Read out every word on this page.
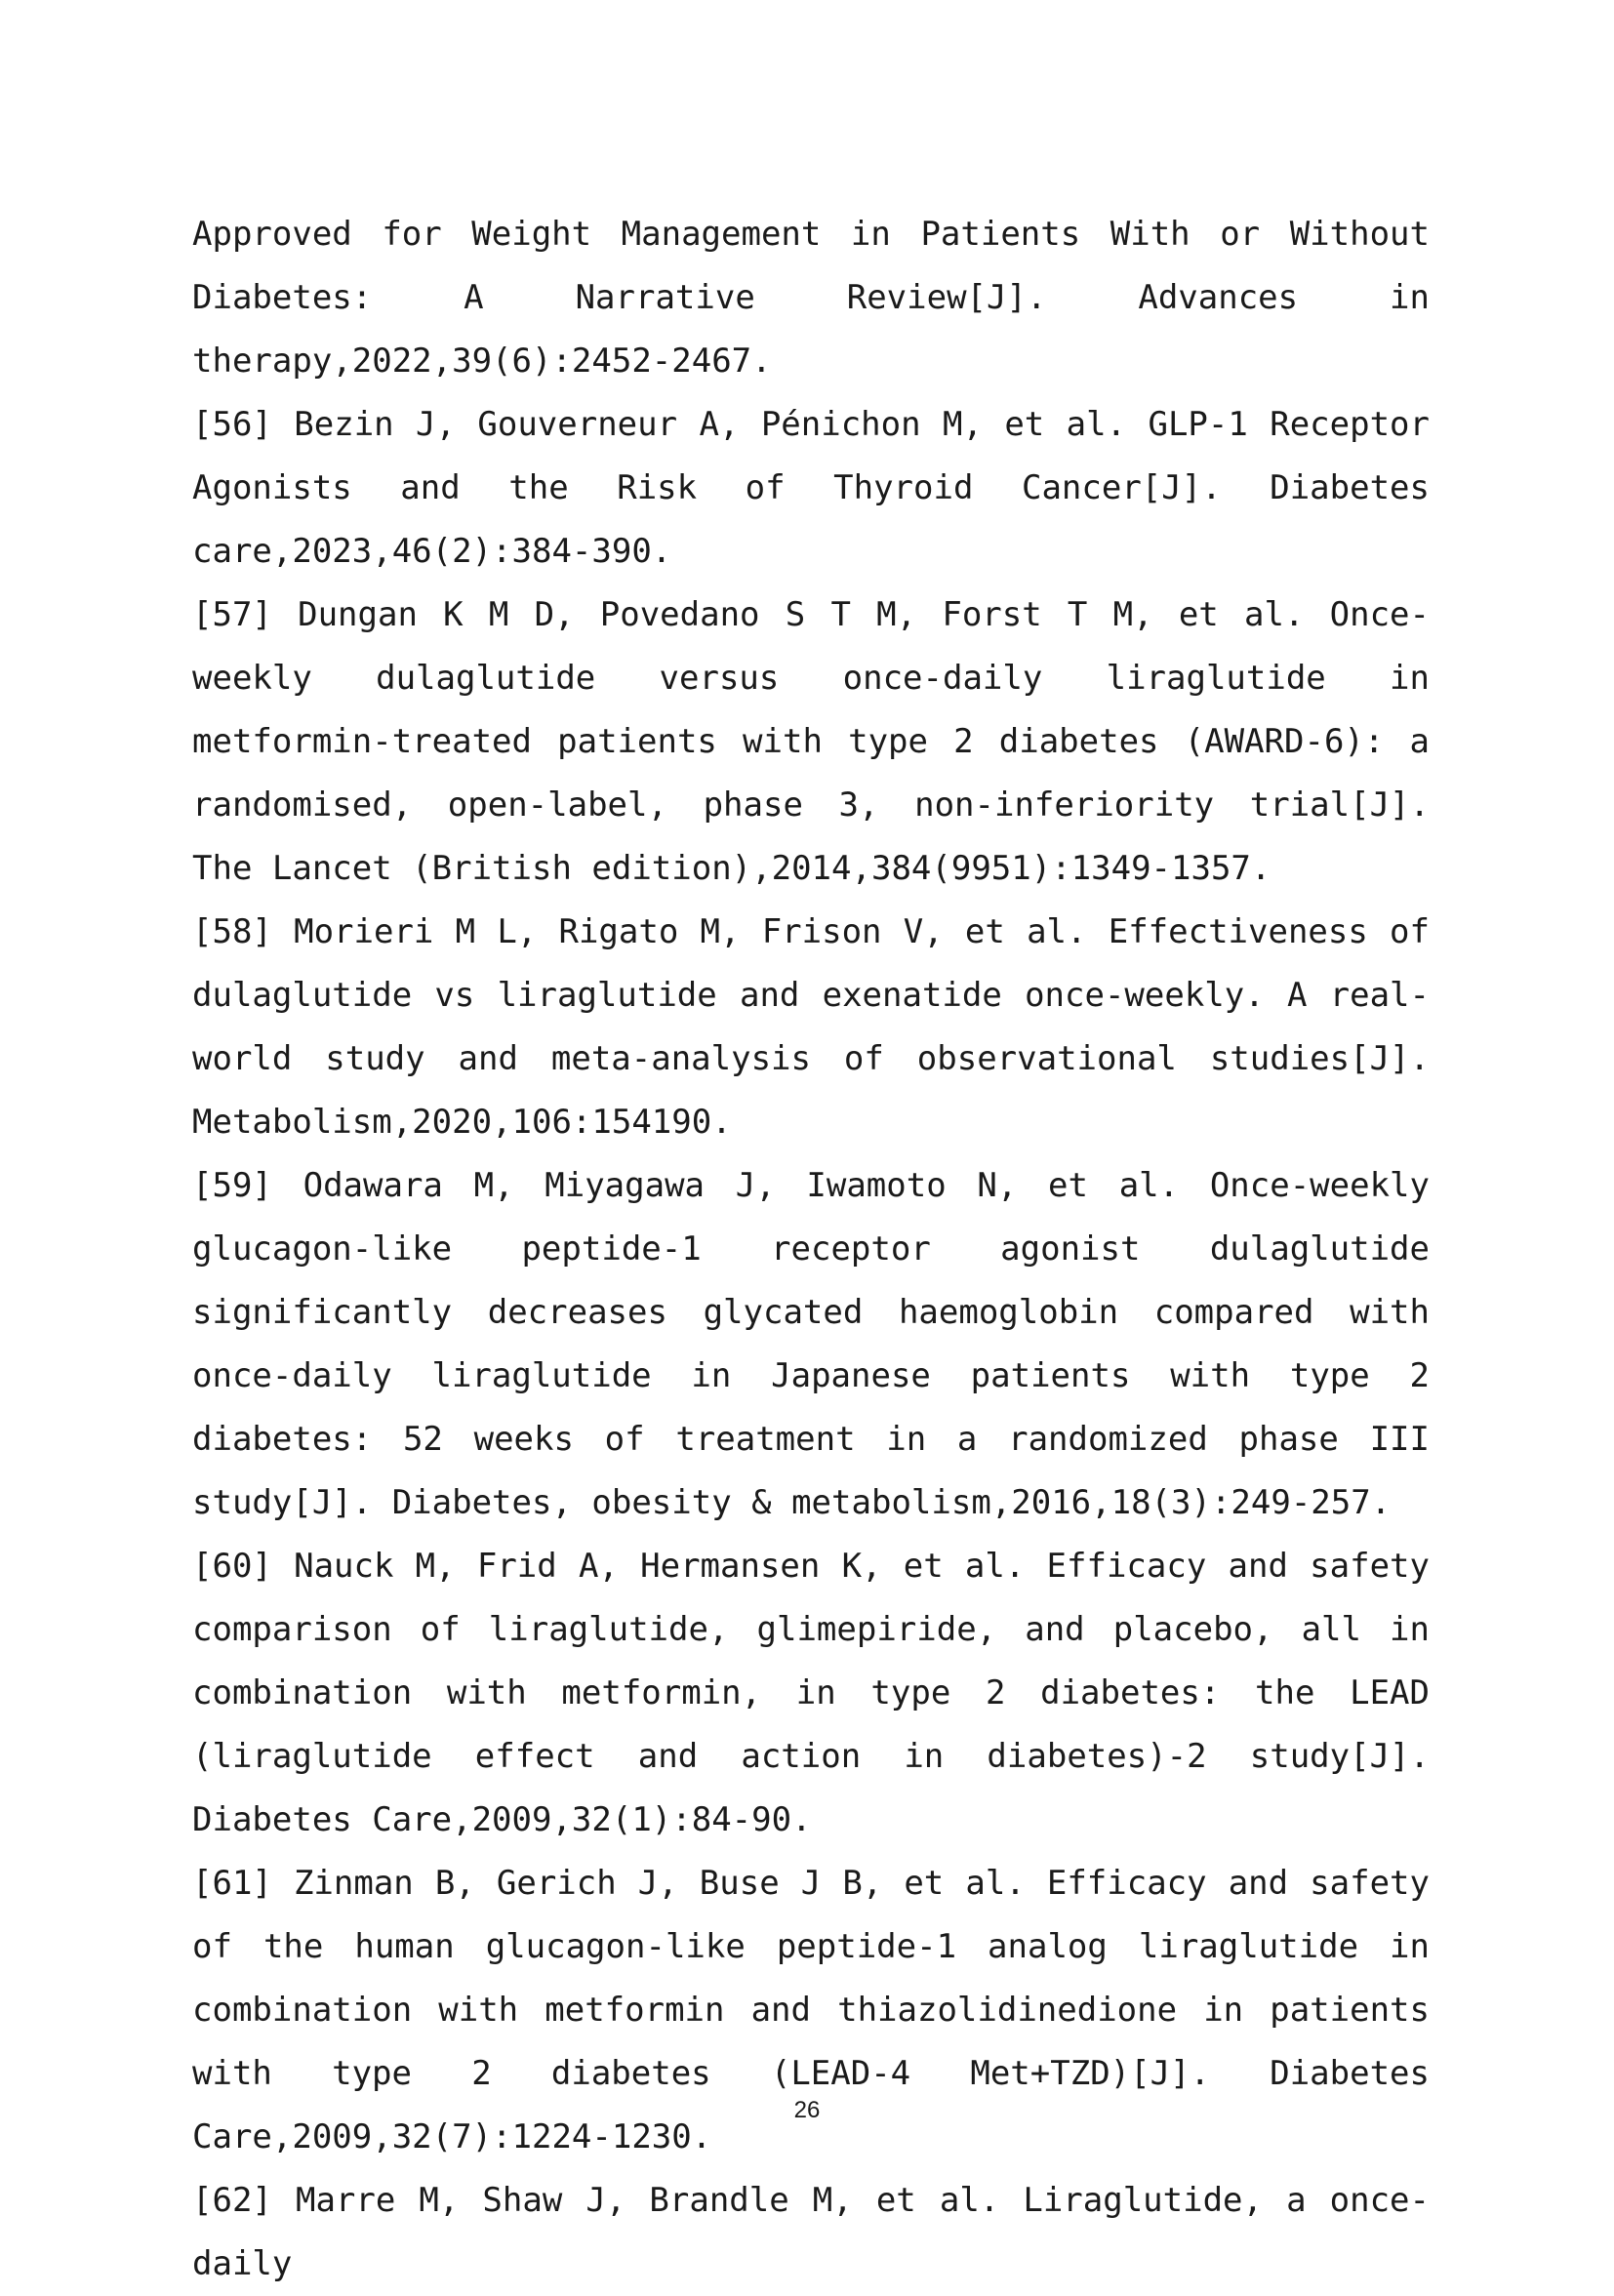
Approved for Weight Management in Patients With or Without Diabetes: A Narrative Review[J]. Advances in therapy,2022,39(6):2452-2467.

[56] Bezin J, Gouverneur A, Pénichon M, et al. GLP-1 Receptor Agonists and the Risk of Thyroid Cancer[J]. Diabetes care,2023,46(2):384-390.

[57] Dungan K M D, Povedano S T M, Forst T M, et al. Once-weekly dulaglutide versus once-daily liraglutide in metformin-treated patients with type 2 diabetes (AWARD-6): a randomised, open-label, phase 3, non-inferiority trial[J]. The Lancet (British edition),2014,384(9951):1349-1357.

[58] Morieri M L, Rigato M, Frison V, et al. Effectiveness of dulaglutide vs liraglutide and exenatide once-weekly. A real-world study and meta-analysis of observational studies[J]. Metabolism,2020,106:154190.

[59] Odawara M, Miyagawa J, Iwamoto N, et al. Once-weekly glucagon-like peptide-1 receptor agonist dulaglutide significantly decreases glycated haemoglobin compared with once-daily liraglutide in Japanese patients with type 2 diabetes: 52 weeks of treatment in a randomized phase III study[J]. Diabetes, obesity & metabolism,2016,18(3):249-257.

[60] Nauck M, Frid A, Hermansen K, et al. Efficacy and safety comparison of liraglutide, glimepiride, and placebo, all in combination with metformin, in type 2 diabetes: the LEAD (liraglutide effect and action in diabetes)-2 study[J]. Diabetes Care,2009,32(1):84-90.

[61] Zinman B, Gerich J, Buse J B, et al. Efficacy and safety of the human glucagon-like peptide-1 analog liraglutide in combination with metformin and thiazolidinedione in patients with type 2 diabetes (LEAD-4 Met+TZD)[J]. Diabetes Care,2009,32(7):1224-1230.

[62] Marre M, Shaw J, Brandle M, et al. Liraglutide, a once-daily

26
